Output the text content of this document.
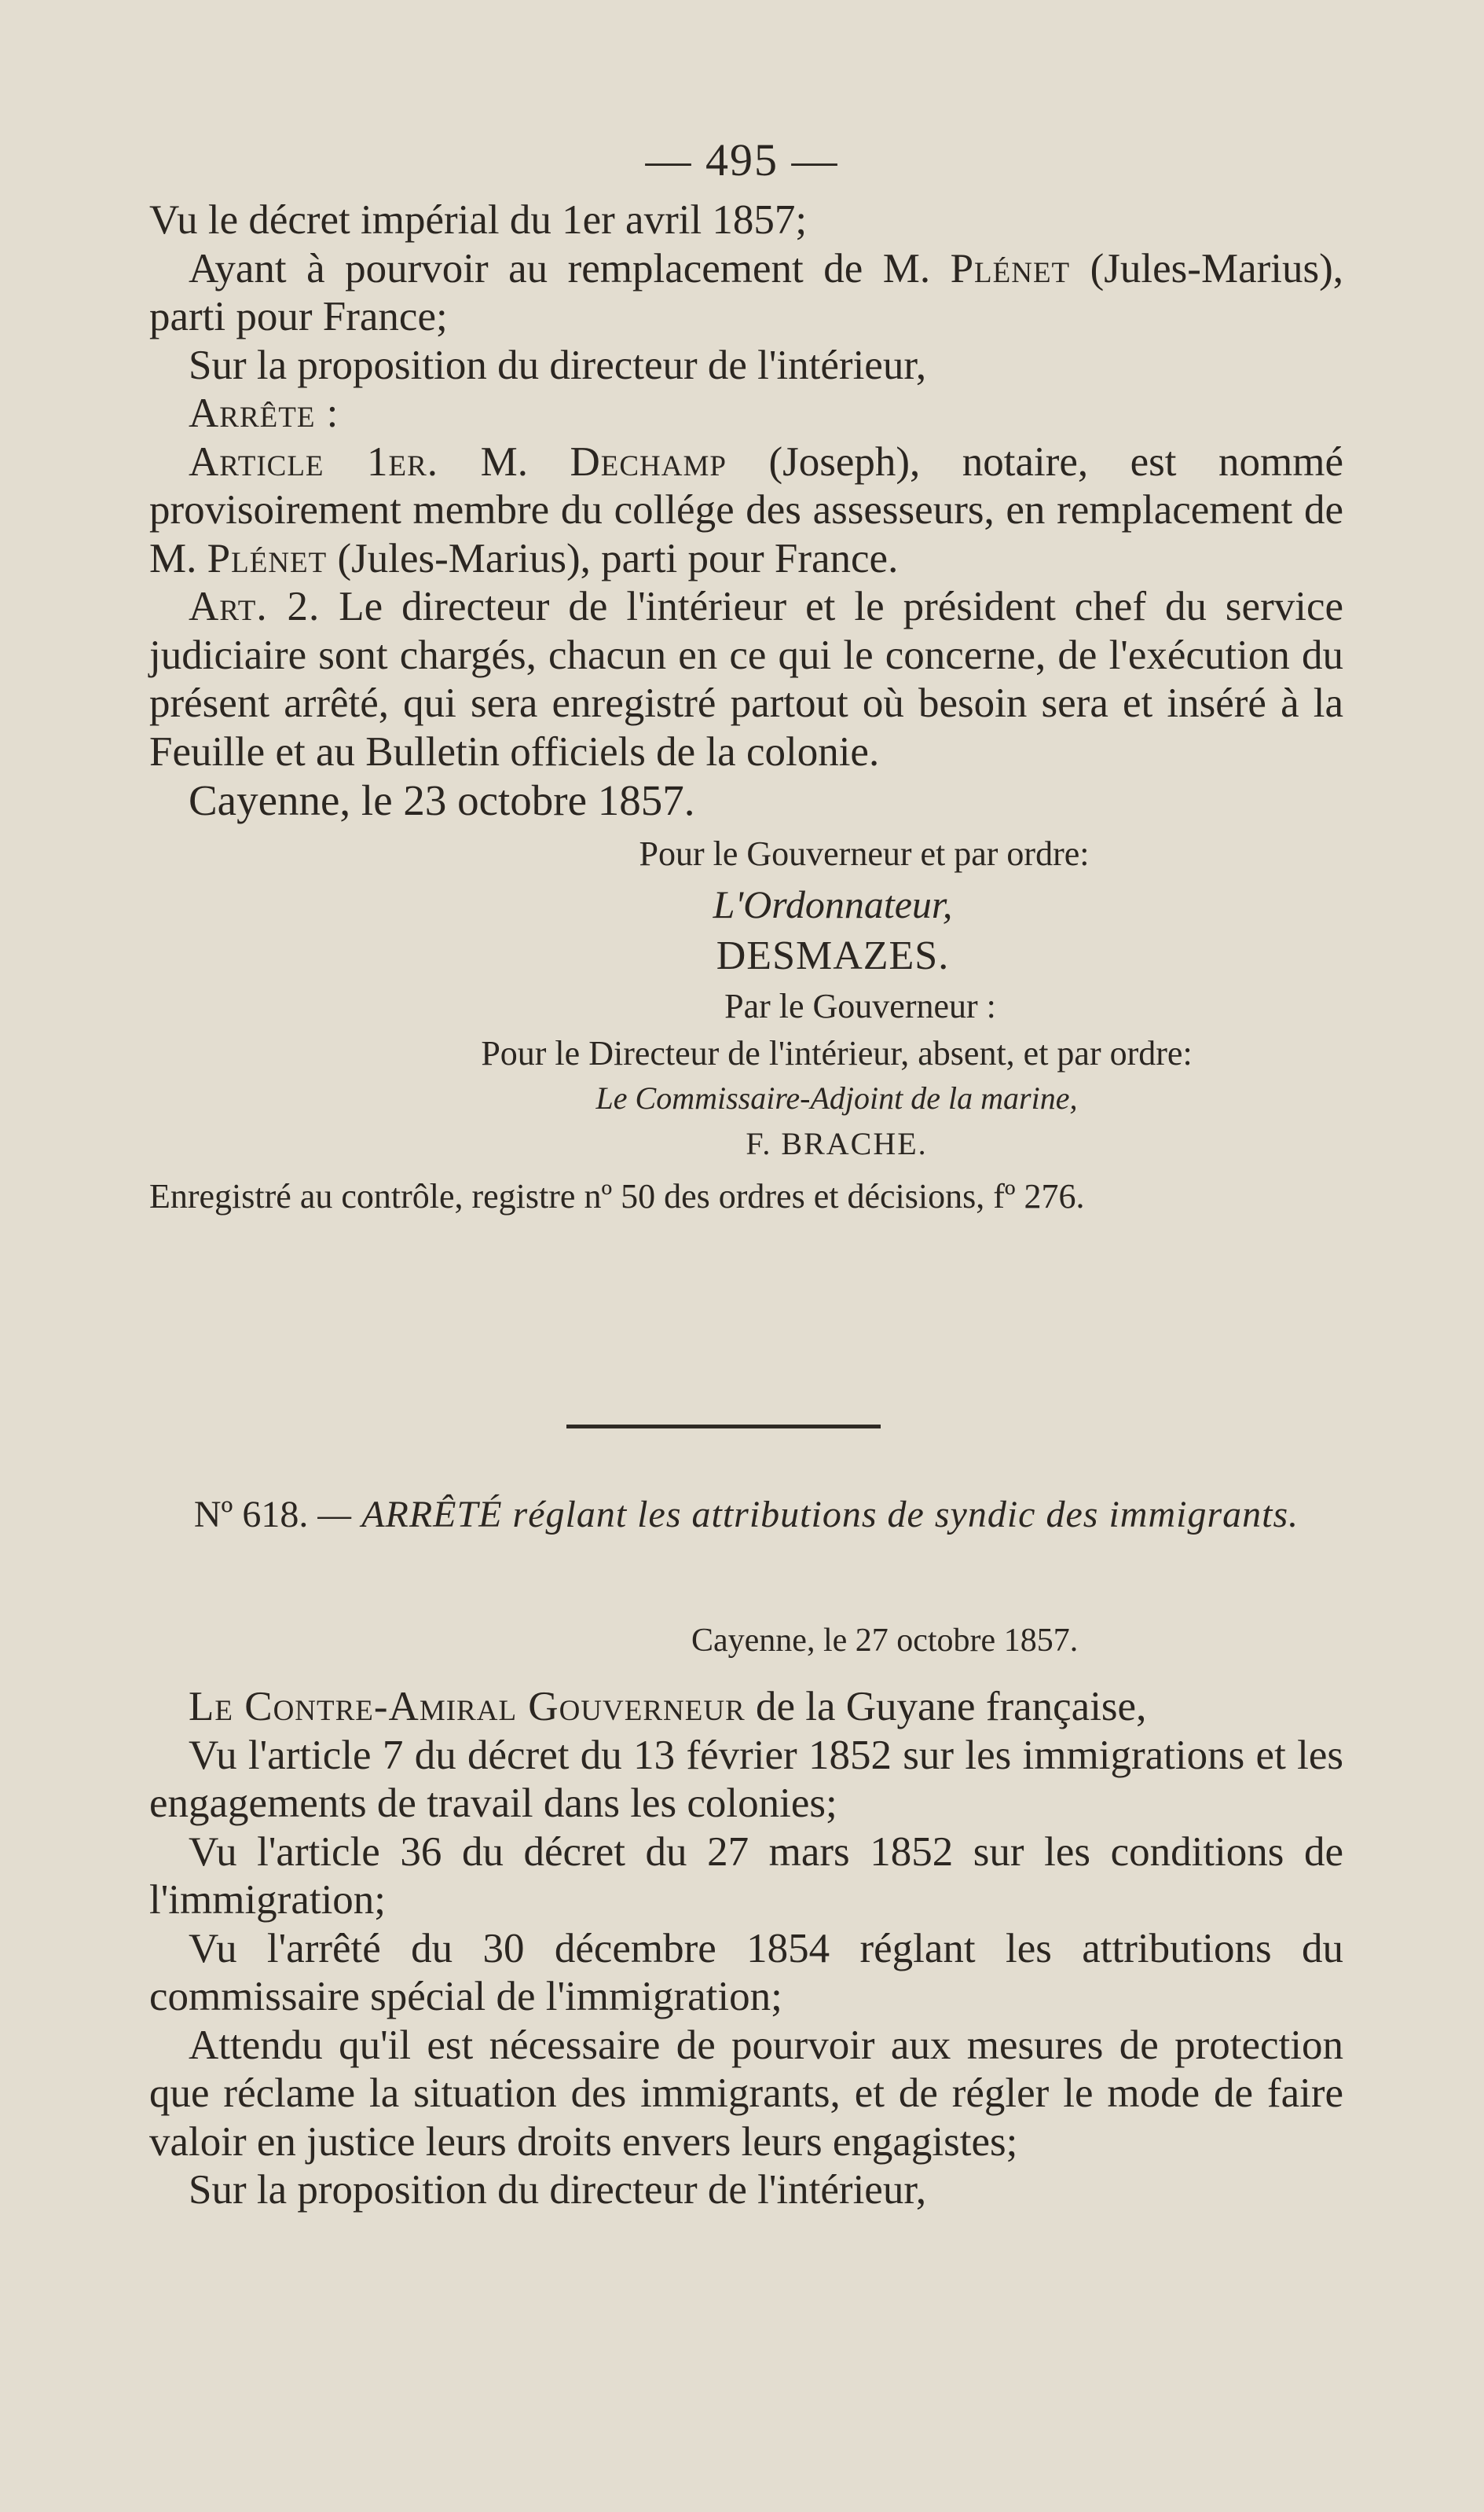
— 495 —

Vu le décret impérial du 1er avril 1857;

Ayant à pourvoir au remplacement de M. Plénet (Jules-Marius), parti pour France;

Sur la proposition du directeur de l'intérieur,

Arrête :

Article 1er. M. Dechamp (Joseph), notaire, est nommé provisoirement membre du collége des assesseurs, en remplacement de M. Plénet (Jules-Marius), parti pour France.

Art. 2. Le directeur de l'intérieur et le président chef du service judiciaire sont chargés, chacun en ce qui le concerne, de l'exécution du présent arrêté, qui sera enregistré partout où besoin sera et inséré à la Feuille et au Bulletin officiels de la colonie.

Cayenne, le 23 octobre 1857.

Pour le Gouverneur et par ordre:

L'Ordonnateur,

DESMAZES.

Par le Gouverneur :

Pour le Directeur de l'intérieur, absent, et par ordre:

Le Commissaire-Adjoint de la marine,

F. BRACHE.

Enregistré au contrôle, registre nº 50 des ordres et décisions, fº 276.

Nº 618. — ARRÊTÉ réglant les attributions de syndic des immigrants.
Cayenne, le 27 octobre 1857.

Le Contre-Amiral Gouverneur de la Guyane française,

Vu l'article 7 du décret du 13 février 1852 sur les immigrations et les engagements de travail dans les colonies;

Vu l'article 36 du décret du 27 mars 1852 sur les conditions de l'immigration;

Vu l'arrêté du 30 décembre 1854 réglant les attributions du commissaire spécial de l'immigration;

Attendu qu'il est nécessaire de pourvoir aux mesures de protection que réclame la situation des immigrants, et de régler le mode de faire valoir en justice leurs droits envers leurs engagistes;

Sur la proposition du directeur de l'intérieur,
